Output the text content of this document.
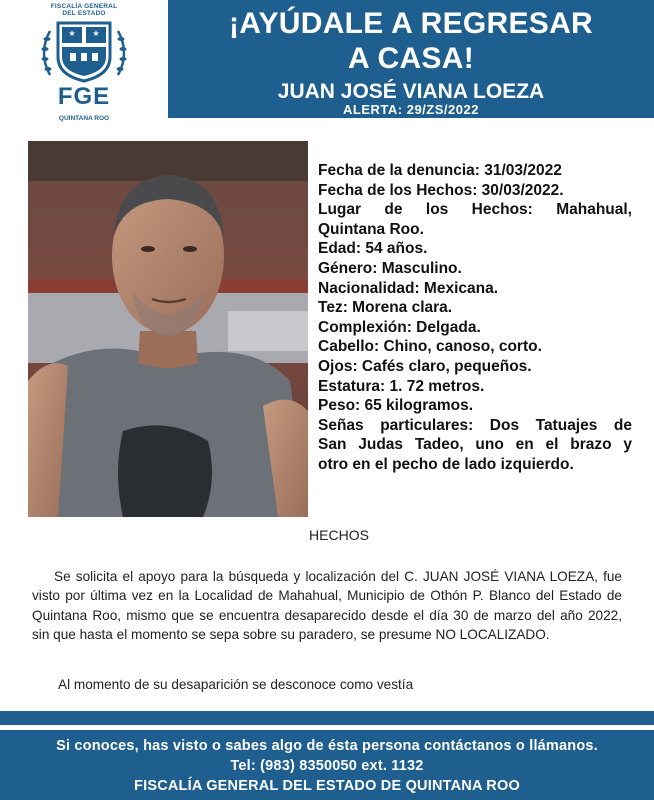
FISCALÍA GENERAL
DEL ESTADO
FGE
QUINTANA ROO
¡AYÚDALE A REGRESAR
A CASA!
JUAN JOSÉ VIANA LOEZA
ALERTA: 29/ZS/2022
Fecha de la denuncia: 31/03/2022
Fecha de los Hechos: 30/03/2022.
Lugar de los Hechos: Mahahual,
Quintana Roo.
Edad: 54 años.
Género: Masculino.
Nacionalidad: Mexicana.
Tez: Morena clara.
Complexión: Delgada.
Cabello: Chino, canoso, corto.
Ojos: Cafés claro, pequeños.
Estatura: 1. 72 metros.
Peso: 65 kilogramos.
Señas particulares: Dos Tatuajes de
San Judas Tadeo, uno en el brazo y
otro en el pecho de lado izquierdo.
HECHOS
Se solicita el apoyo para la búsqueda y localización del C. JUAN JOSÉ VIANA LOEZA, fue visto por última vez en la Localidad de Mahahual, Municipio de Othón P. Blanco del Estado de Quintana Roo, mismo que se encuentra desaparecido desde el día 30 de marzo del año 2022, sin que hasta el momento se sepa sobre su paradero, se presume NO LOCALIZADO.
Al momento de su desaparición se desconoce como vestía
Si conoces, has visto o sabes algo de ésta persona contáctanos o llámanos.
Tel: (983) 8350050 ext. 1132
FISCALÍA GENERAL DEL ESTADO DE QUINTANA ROO
